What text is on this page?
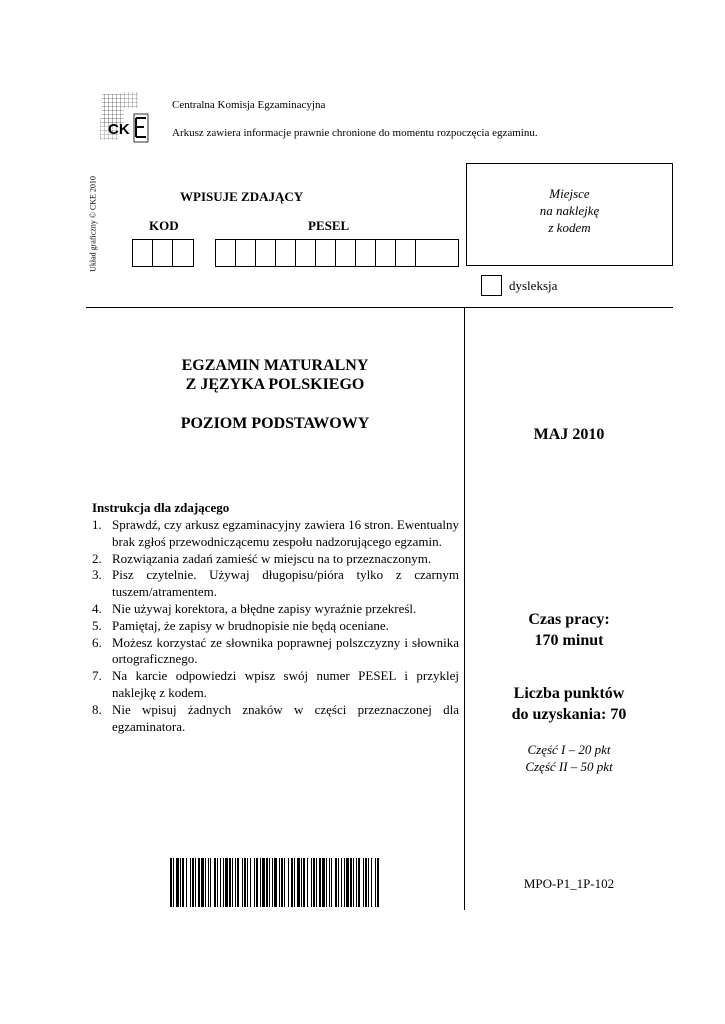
CK
Centralna Komisja Egzaminacyjna
Arkusz zawiera informacje prawnie chronione do momentu rozpoczęcia egzaminu.
Układ graficzny © CKE 2010	WPISUJE ZDAJĄCY
KOD	PESEL
Miejsce
na naklejkę
z kodem
dysleksja
EGZAMIN MATURALNY
Z JĘZYKA POLSKIEGO
POZIOM PODSTAWOWY
MAJ 2010
Instrukcja dla zdającego
1. Sprawdź, czy arkusz egzaminacyjny zawiera 16 stron. Ewentualny brak zgłoś przewodniczącemu zespołu nadzorującego egzamin.
2. Rozwiązania zadań zamieść w miejscu na to przeznaczonym.
3. Pisz czytelnie. Używaj długopisu/pióra tylko z czarnym tuszem/atramentem.
4. Nie używaj korektora, a błędne zapisy wyraźnie przekreśl.
5. Pamiętaj, że zapisy w brudnopisie nie będą oceniane.
6. Możesz korzystać ze słownika poprawnej polszczyzny i słownika ortograficznego.
7. Na karcie odpowiedzi wpisz swój numer PESEL i przyklej naklejkę z kodem.
8. Nie wpisuj żadnych znaków w części przeznaczonej dla egzaminatora.
Czas pracy:
170 minut
Liczba punktów
do uzyskania: 70
Część I – 20 pkt
Część II – 50 pkt
MPO-P1_1P-102
